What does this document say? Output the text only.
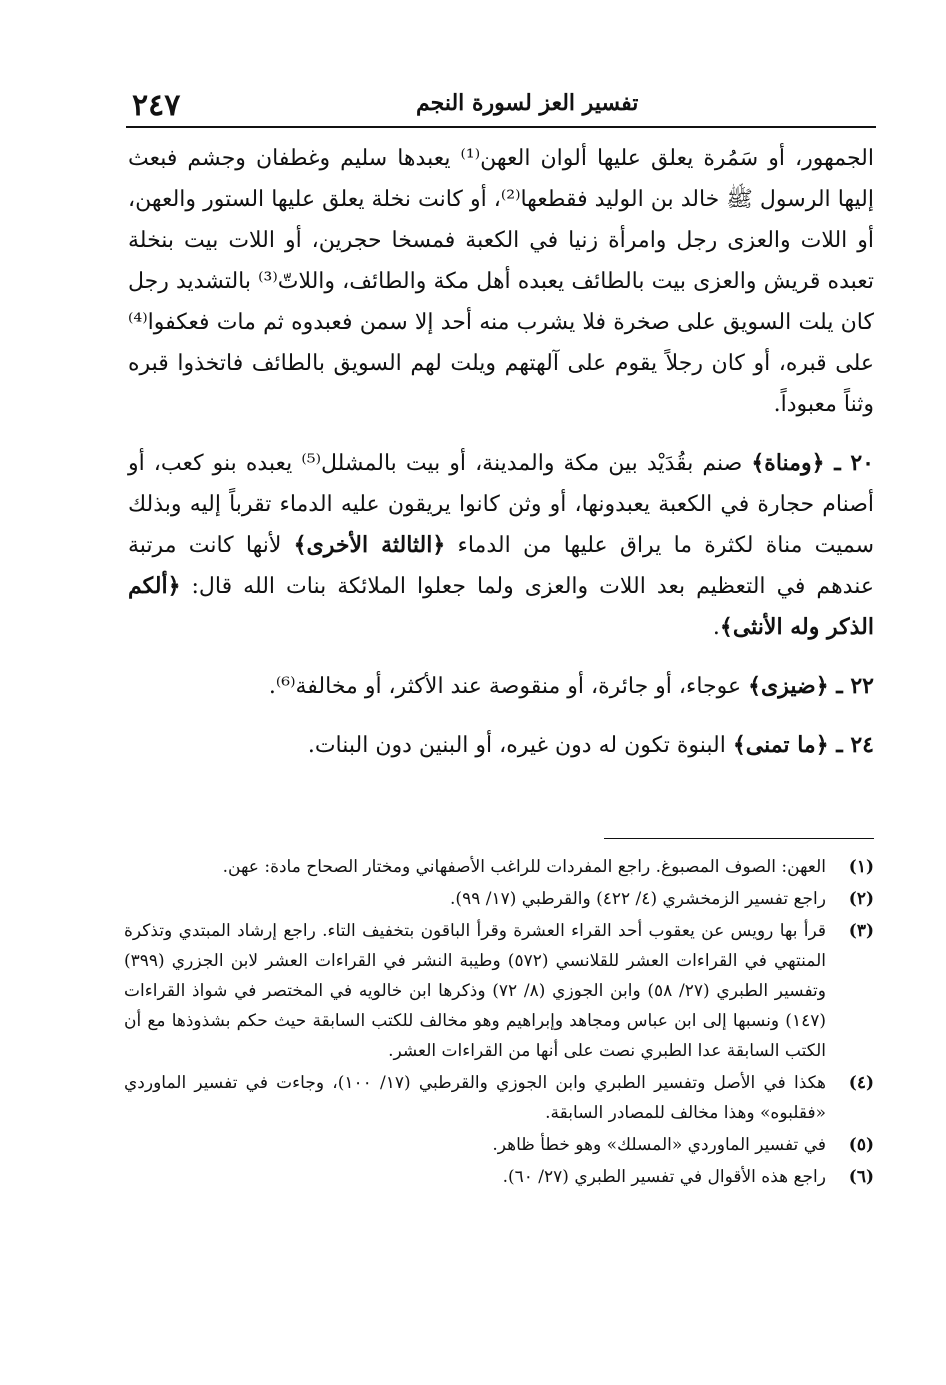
٢٤٧	تفسير العز لسورة النجم

الجمهور، أو سَمُرة يعلق عليها ألوان العهن⁽¹⁾ يعبدها سليم وغطفان وجشم فبعث إليها الرسول ﷺ خالد بن الوليد فقطعها⁽²⁾، أو كانت نخلة يعلق عليها الستور والعهن، أو اللات والعزى رجل وامرأة زنيا في الكعبة فمسخا حجرين، أو اللات بيت بنخلة تعبده قريش والعزى بيت بالطائف يعبده أهل مكة والطائف، واللاتّ⁽³⁾ بالتشديد رجل كان يلت السويق على صخرة فلا يشرب منه أحد إلا سمن فعبدوه ثم مات فعكفوا⁽⁴⁾ على قبره، أو كان رجلاً يقوم على آلهتهم ويلت لهم السويق بالطائف فاتخذوا قبره وثناً معبوداً.

٢٠ ـ ﴿ومناة﴾ صنم بقُدَيْد بين مكة والمدينة، أو بيت بالمشلل⁽⁵⁾ يعبده بنو كعب، أو أصنام حجارة في الكعبة يعبدونها، أو وثن كانوا يريقون عليه الدماء تقرباً إليه وبذلك سميت مناة لكثرة ما يراق عليها من الدماء ﴿الثالثة الأخرى﴾ لأنها كانت مرتبة عندهم في التعظيم بعد اللات والعزى ولما جعلوا الملائكة بنات الله قال: ﴿ألكم الذكر وله الأنثى﴾.

٢٢ ـ ﴿ضيزى﴾ عوجاء، أو جائرة، أو منقوصة عند الأكثر، أو مخالفة⁽⁶⁾.

٢٤ ـ ﴿ما تمنى﴾ البنوة تكون له دون غيره، أو البنين دون البنات.

(١)
العهن: الصوف المصبوغ. راجع المفردات للراغب الأصفهاني ومختار الصحاح مادة: عهن.
(٢)
راجع تفسير الزمخشري (٤/ ٤٢٢) والقرطبي (١٧/ ٩٩).
(٣)
قرأ بها رويس عن يعقوب أحد القراء العشرة وقرأ الباقون بتخفيف التاء. راجع إرشاد المبتدي وتذكرة المنتهي في القراءات العشر للقلانسي (٥٧٢) وطيبة النشر في القراءات العشر لابن الجزري (٣٩٩) وتفسير الطبري (٢٧/ ٥٨) وابن الجوزي (٨/ ٧٢) وذكرها ابن خالويه في المختصر في شواذ القراءات (١٤٧) ونسبها إلى ابن عباس ومجاهد وإبراهيم وهو مخالف للكتب السابقة حيث حكم بشذوذها مع أن الكتب السابقة عدا الطبري نصت على أنها من القراءات العشر.
(٤)
هكذا في الأصل وتفسير الطبري وابن الجوزي والقرطبي (١٧/ ١٠٠)، وجاءت في تفسير الماوردي «فقلبوه» وهذا مخالف للمصادر السابقة.
(٥)
في تفسير الماوردي «المسلك» وهو خطأ ظاهر.
(٦)
راجع هذه الأقوال في تفسير الطبري (٢٧/ ٦٠).
